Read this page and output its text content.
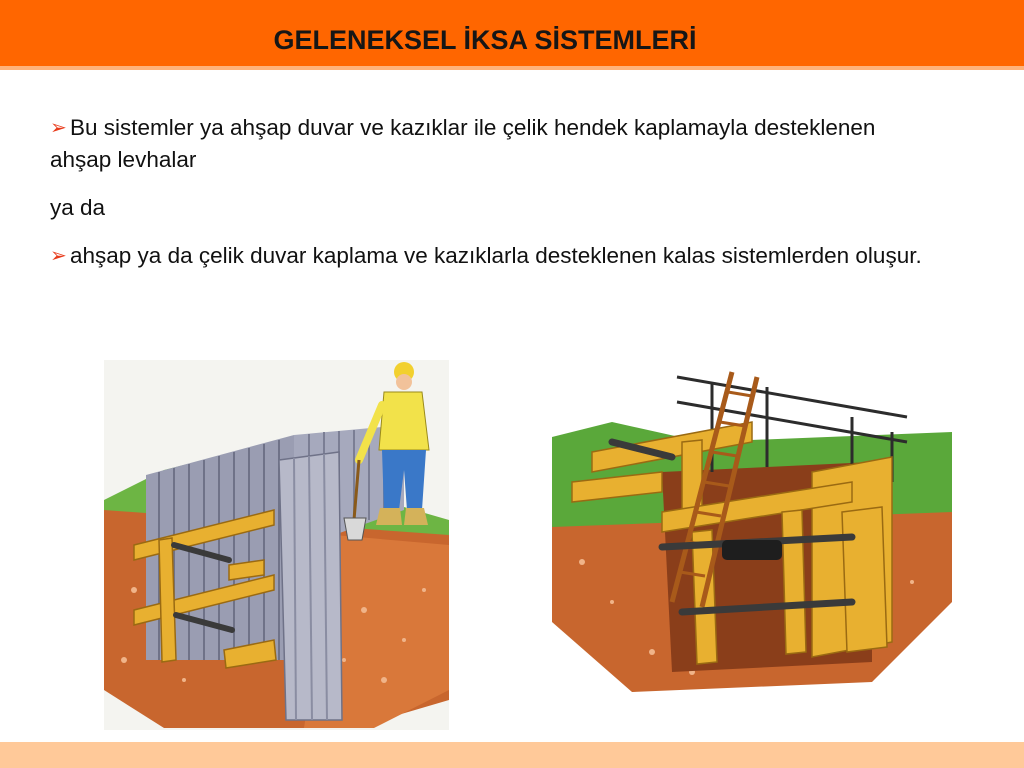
GELENEKSEL İKSA SİSTEMLERİ

➢ Bu sistemler ya ahşap duvar ve kazıklar ile çelik hendek kaplamayla desteklenen ahşap levhalar

ya da

➢ ahşap ya da çelik duvar kaplama ve kazıklarla desteklenen kalas sistemlerden oluşur.
